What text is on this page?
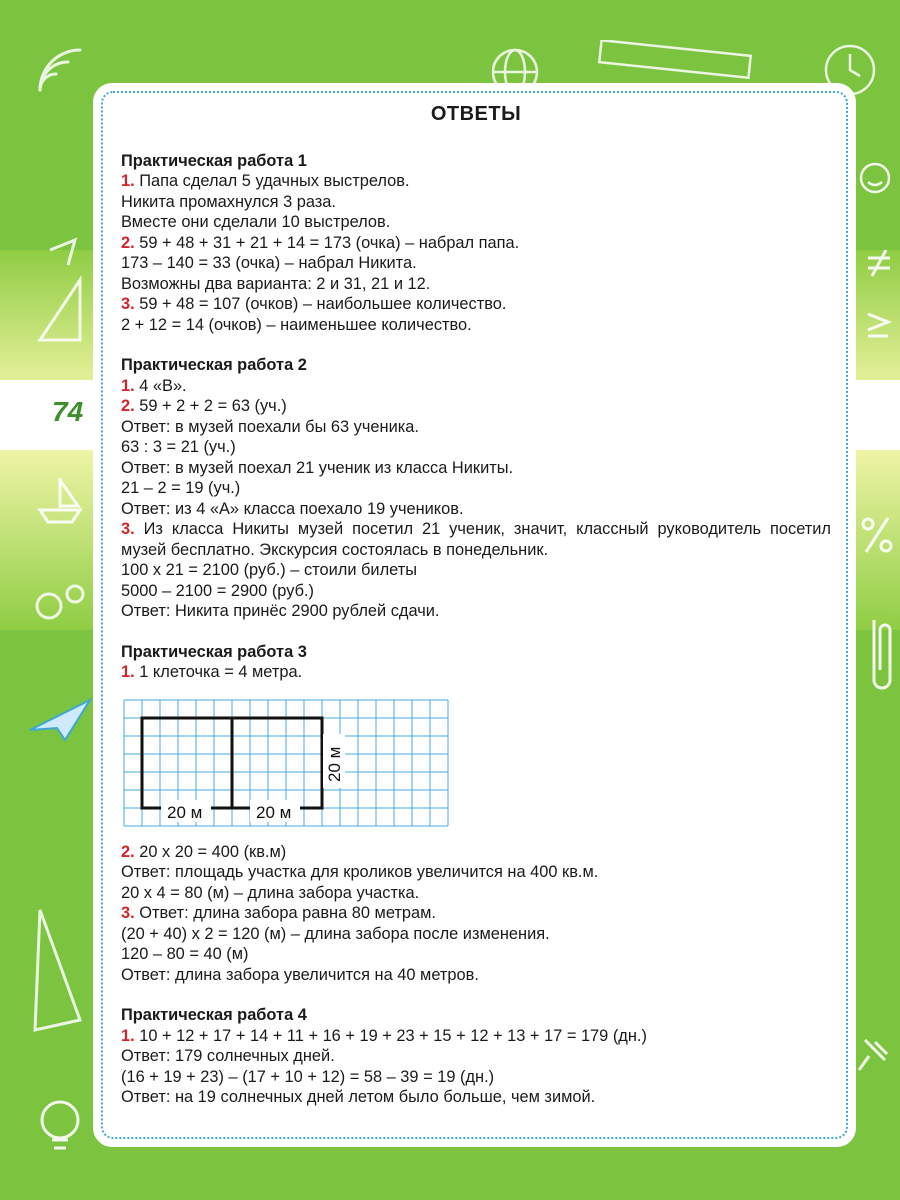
74
ОТВЕТЫ
Практическая работа 1
1. Папа сделал 5 удачных выстрелов.
Никита промахнулся 3 раза.
Вместе они сделали 10 выстрелов.
2. 59 + 48 + 31 + 21 + 14 = 173 (очка) – набрал папа.
173 – 140 = 33 (очка) – набрал Никита.
Возможны два варианта: 2 и 31, 21 и 12.
3. 59 + 48 = 107 (очков) – наибольшее количество.
2 + 12 = 14 (очков) – наименьшее количество.
Практическая работа 2
1. 4 «В».
2. 59 + 2 + 2 = 63 (уч.)
Ответ: в музей поехали бы 63 ученика.
63 : 3 = 21 (уч.)
Ответ: в музей поехал 21 ученик из класса Никиты.
21 – 2 = 19 (уч.)
Ответ: из 4 «А» класса поехало 19 учеников.
3. Из класса Никиты музей посетил 21 ученик, значит, классный руководитель посетил музей бесплатно. Экскурсия состоялась в понедельник.
100 х 21 = 2100 (руб.) – стоили билеты
5000 – 2100 = 2900 (руб.)
Ответ: Никита принёс 2900 рублей сдачи.
Практическая работа 3
1. 1 клеточка = 4 метра.
20 м	20 м
20 м
2. 20 х 20 = 400 (кв.м)
Ответ: площадь участка для кроликов увеличится на 400 кв.м.
20 х 4 = 80 (м) – длина забора участка.
3. Ответ: длина забора равна 80 метрам.
(20 + 40) х 2 = 120 (м) – длина забора после изменения.
120 – 80 = 40 (м)
Ответ: длина забора увеличится на 40 метров.
Практическая работа 4
1. 10 + 12 + 17 + 14 + 11 + 16 + 19 + 23 + 15 + 12 + 13 + 17 = 179 (дн.)
Ответ: 179 солнечных дней.
(16 + 19 + 23) – (17 + 10 + 12) = 58 – 39 = 19 (дн.)
Ответ: на 19 солнечных дней летом было больше, чем зимой.
